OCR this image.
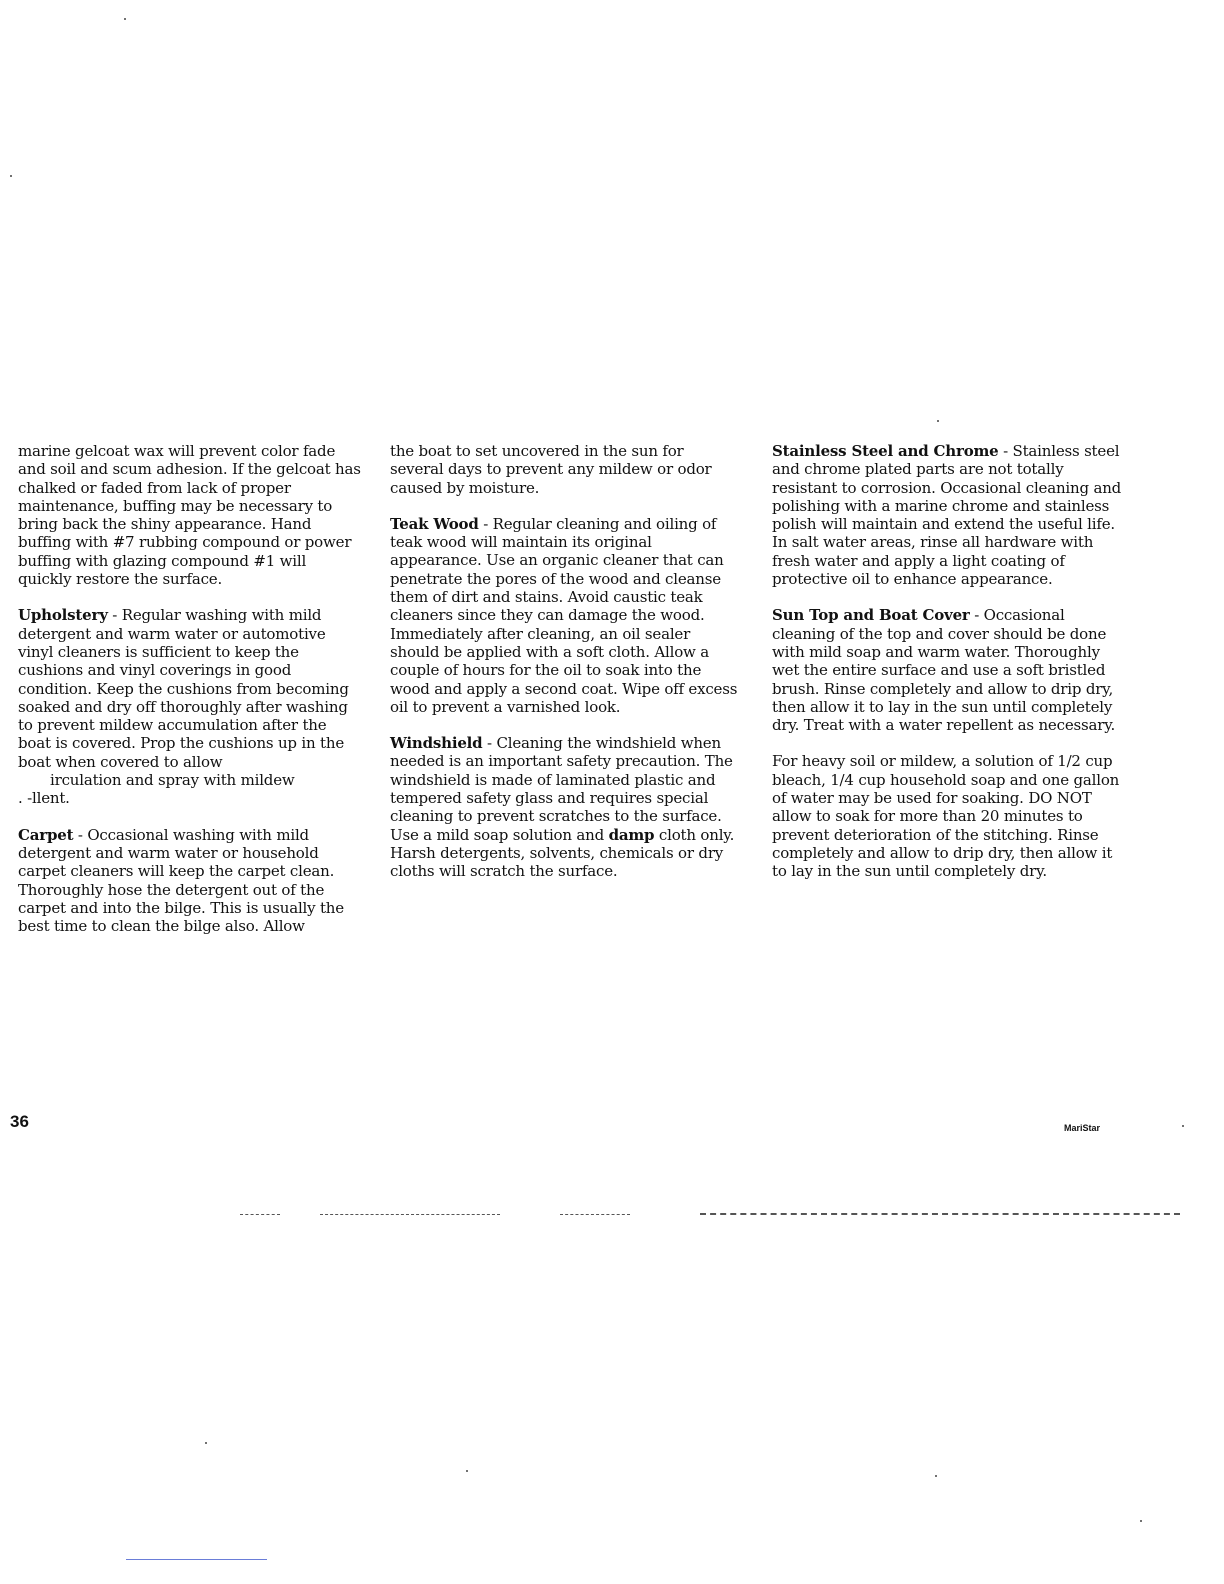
marine gelcoat wax will prevent color fade and soil and scum adhesion. If the gelcoat has chalked or faded from lack of proper maintenance, buffing may be necessary to bring back the shiny appearance. Hand buffing with #7 rubbing compound or power buffing with glazing compound #1 will quickly restore the surface.

Upholstery - Regular washing with mild detergent and warm water or automotive vinyl cleaners is sufficient to keep the cushions and vinyl coverings in good condition. Keep the cushions from becoming soaked and dry off thoroughly after washing to prevent mildew accumulation after the boat is covered. Prop the cushions up in the boat when covered to allow
irculation and spray with mildew
. -llent.

Carpet - Occasional washing with mild detergent and warm water or household carpet cleaners will keep the carpet clean. Thoroughly hose the detergent out of the carpet and into the bilge. This is usually the best time to clean the bilge also. Allow

the boat to set uncovered in the sun for several days to prevent any mildew or odor caused by moisture.

Teak Wood - Regular cleaning and oiling of teak wood will maintain its original appearance. Use an organic cleaner that can penetrate the pores of the wood and cleanse them of dirt and stains. Avoid caustic teak cleaners since they can damage the wood. Immediately after cleaning, an oil sealer should be applied with a soft cloth. Allow a couple of hours for the oil to soak into the wood and apply a second coat. Wipe off excess oil to prevent a varnished look.

Windshield - Cleaning the windshield when needed is an important safety precaution. The windshield is made of laminated plastic and tempered safety glass and requires special cleaning to prevent scratches to the surface. Use a mild soap solution and damp cloth only. Harsh detergents, solvents, chemicals or dry cloths will scratch the surface.

Stainless Steel and Chrome - Stainless steel and chrome plated parts are not totally resistant to corrosion. Occasional cleaning and polishing with a marine chrome and stainless polish will maintain and extend the useful life. In salt water areas, rinse all hardware with fresh water and apply a light coating of protective oil to enhance appearance.

Sun Top and Boat Cover - Occasional cleaning of the top and cover should be done with mild soap and warm water. Thoroughly wet the entire surface and use a soft bristled brush. Rinse completely and allow to drip dry, then allow it to lay in the sun until completely dry. Treat with a water repellent as necessary.

For heavy soil or mildew, a solution of 1/2 cup bleach, 1/4 cup household soap and one gallon of water may be used for soaking. DO NOT allow to soak for more than 20 minutes to prevent deterioration of the stitching. Rinse completely and allow to drip dry, then allow it to lay in the sun until completely dry.

36	MariStar
